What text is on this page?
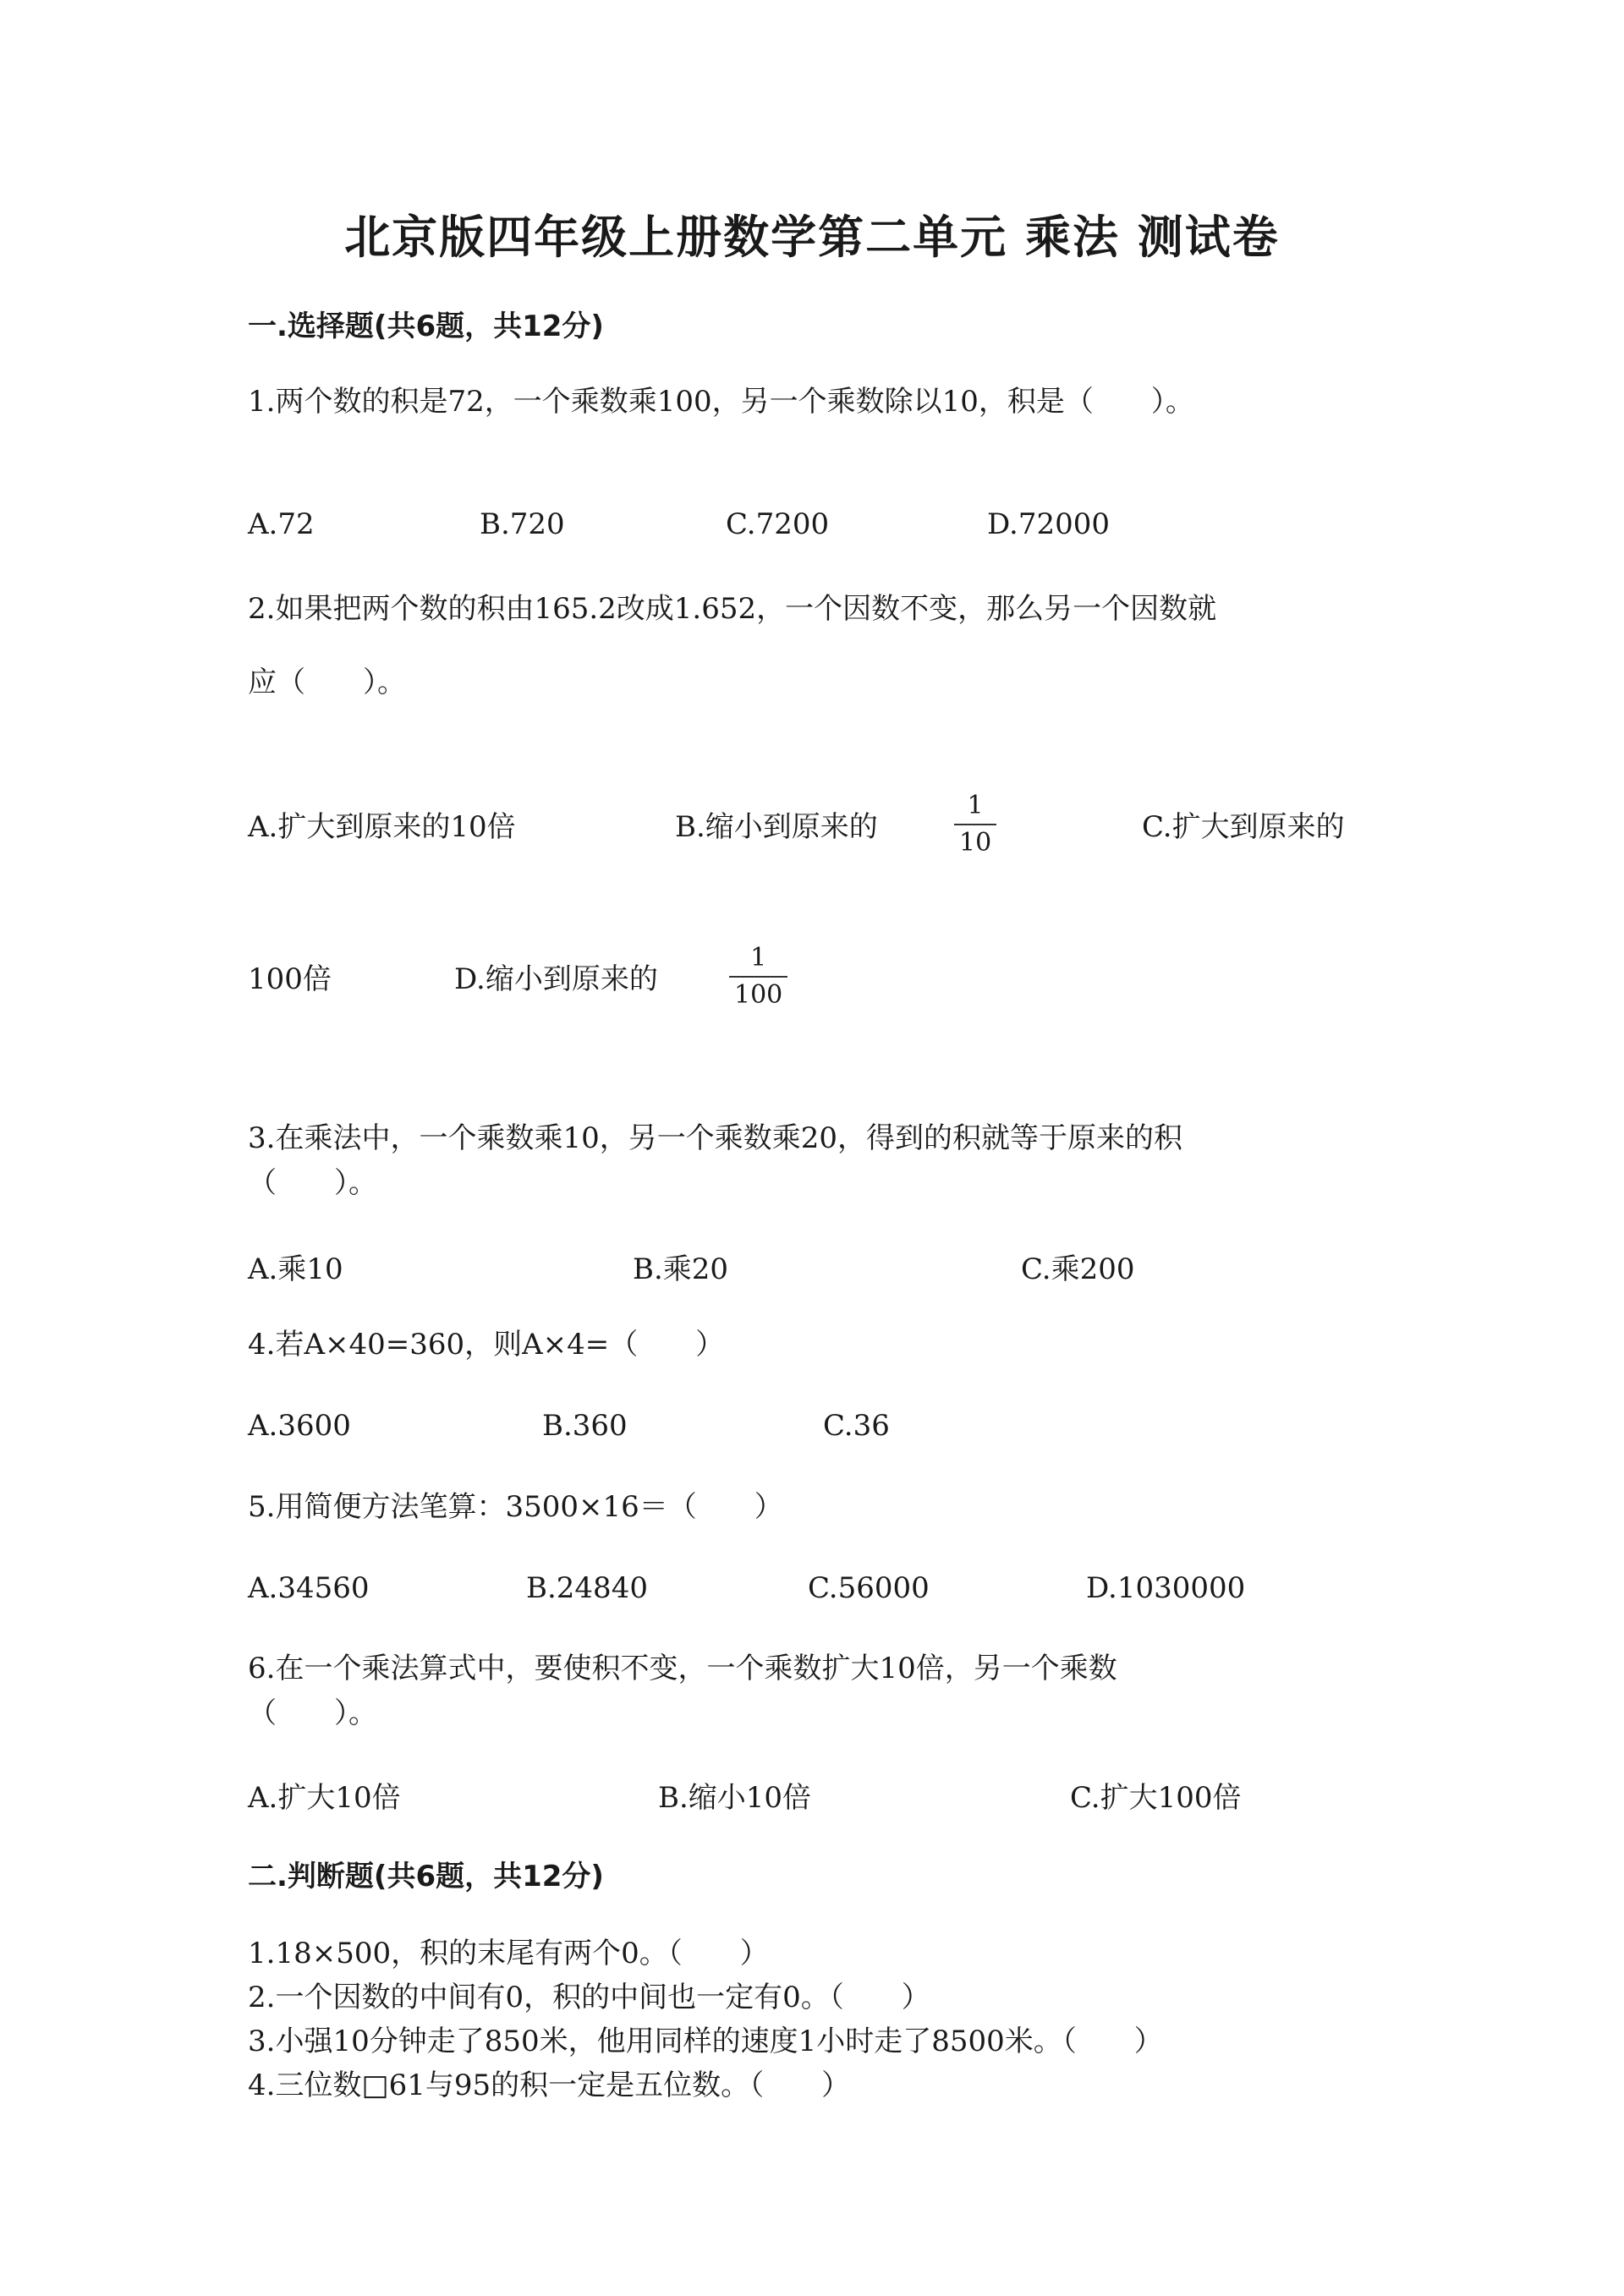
北京版四年级上册数学第二单元 乘法 测试卷
一.选择题(共6题，共12分)
1.两个数的积是72，一个乘数乘100，另一个乘数除以10，积是（　　）。
A.72	B.720	C.7200	D.72000
2.如果把两个数的积由165.2改成1.652，一个因数不变，那么另一个因数就
应（　　）。
A.扩大到原来的10倍	B.缩小到原来的
1
10	C.扩大到原来的
100倍	D.缩小到原来的
1
100
3.在乘法中，一个乘数乘10，另一个乘数乘20，得到的积就等于原来的积
（　　）。
A.乘10	B.乘20	C.乘200
4.若A×40=360，则A×4=（　　）
A.3600	B.360	C.36
5.用简便方法笔算：3500×16＝（　　）
A.34560	B.24840	C.56000	D.1030000
6.在一个乘法算式中，要使积不变，一个乘数扩大10倍，另一个乘数
（　　）。
A.扩大10倍	B.缩小10倍	C.扩大100倍
二.判断题(共6题，共12分)
1.18×500，积的末尾有两个0。（　　）
2.一个因数的中间有0，积的中间也一定有0。（　　）
3.小强10分钟走了850米，他用同样的速度1小时走了8500米。（　　）
4.三位数□61与95的积一定是五位数。（　　）
